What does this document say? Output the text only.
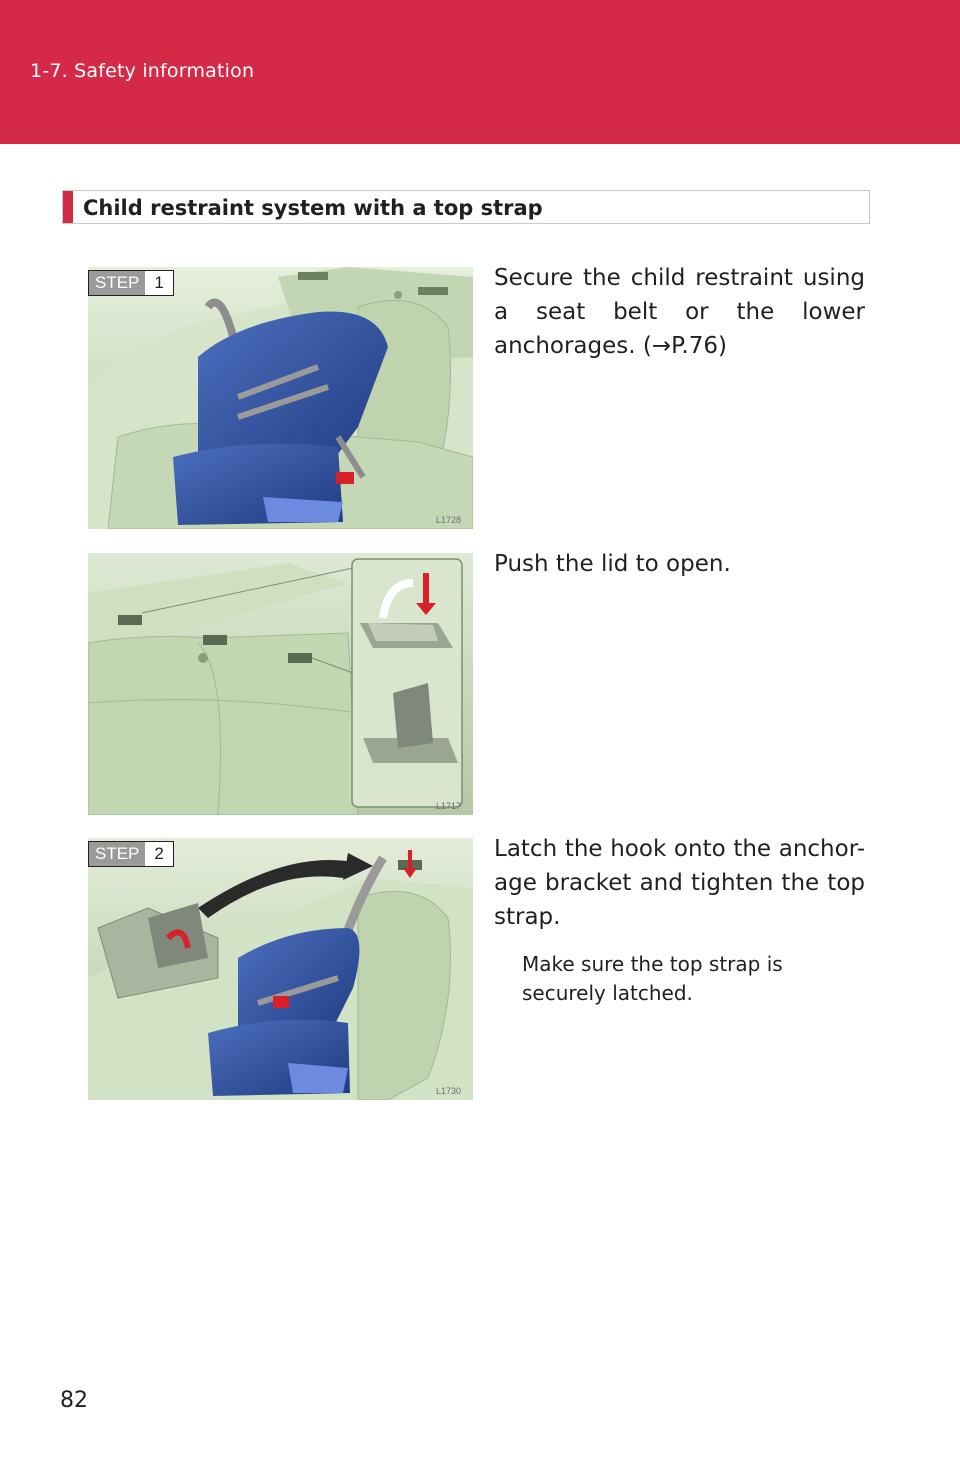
1-7. Safety information
Child restraint system with a top strap
L1728
STEP 1	Secure the child restraint using a seat belt or the lower anchorages. (→P.76)
L1717
Push the lid to open.
L1730
STEP 2	Latch the hook onto the anchor-age bracket and tighten the top strap.
Make sure the top strap is securely latched.
82
